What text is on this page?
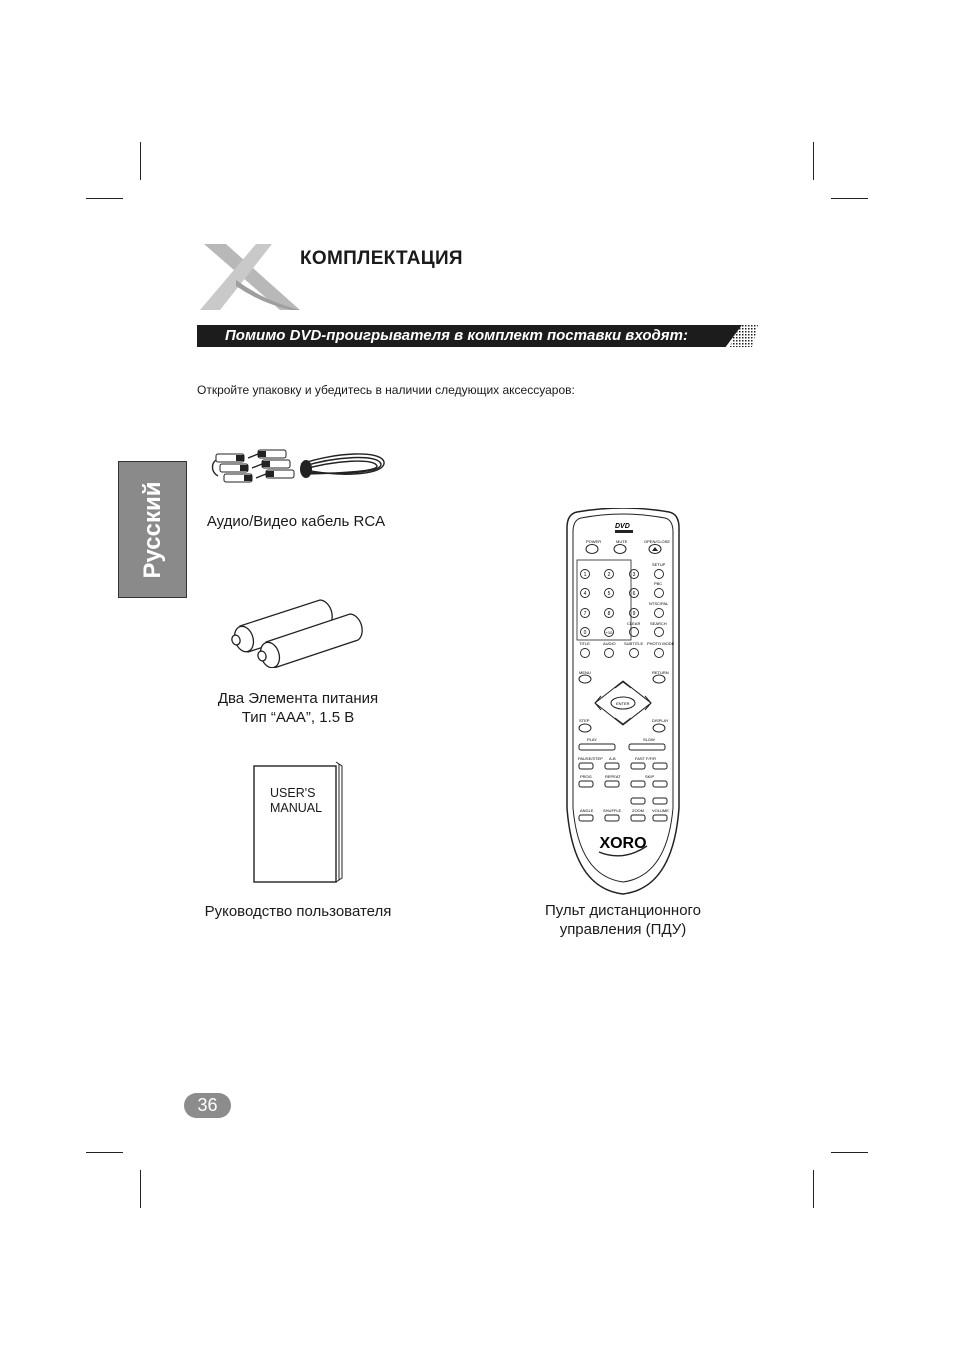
КОМПЛЕКТАЦИЯ
Помимо DVD-проигрывателя в комплект поставки входят:
Откройте упаковку и убедитесь в наличии следующих аксессуаров:
Русский	Аудио/Видео кабель RCA
Два Элемента питания
Тип “AAA”, 1.5 В
USER'S
MANUAL
Руководство пользователя
DVD
POWER	MUTE	OPEN/CLOSE
1	2	3
4	5	6
7	8	9
0	+10
SETUP
PBC
NTSC/PAL
CLEAR SEARCH
TITLE	AUDIO SUBTITLE PHOTO MODE
MENU	RETURN
ENTER
STEP	DISPLAY
PLAY	SLOW
PAUSE/STEP A-B	FAST F/F/R
PROG	REPEAT	SKIP
ANGLE SHUFFLE	ZOOM VOLUME
XORO
Пульт дистанционного
управления (ПДУ)
36
